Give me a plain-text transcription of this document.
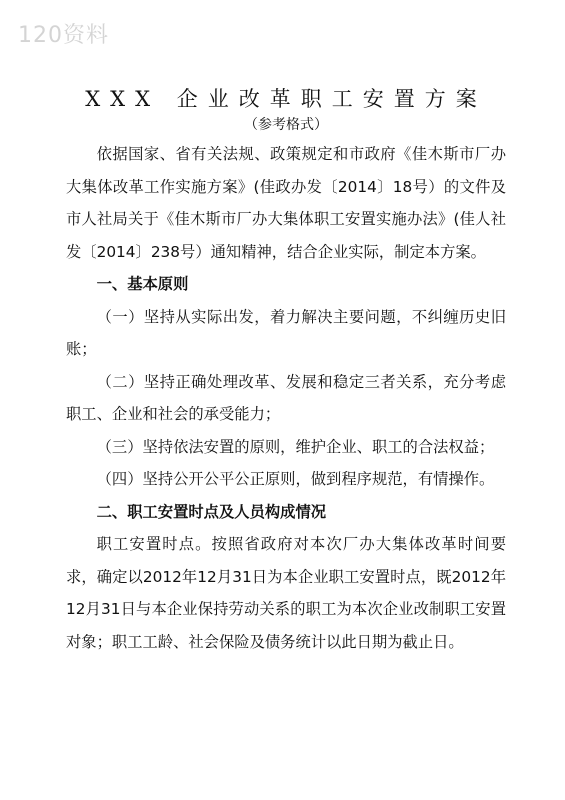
120资料
XXX 企业改革职工安置方案
（参考格式）

依据国家、省有关法规、政策规定和市政府《佳木斯市厂办大集体改革工作实施方案》(佳政办发〔2014〕18号）的文件及市人社局关于《佳木斯市厂办大集体职工安置实施办法》(佳人社发〔2014〕238号）通知精神，结合企业实际，制定本方案。

一、基本原则

（一）坚持从实际出发，着力解决主要问题，不纠缠历史旧账；

（二）坚持正确处理改革、发展和稳定三者关系，充分考虑职工、企业和社会的承受能力；

（三）坚持依法安置的原则，维护企业、职工的合法权益；

（四）坚持公开公平公正原则，做到程序规范，有情操作。

二、职工安置时点及人员构成情况

职工安置时点。按照省政府对本次厂办大集体改革时间要求，确定以2012年12月31日为本企业职工安置时点，既2012年12月31日与本企业保持劳动关系的职工为本次企业改制职工安置对象；职工工龄、社会保险及债务统计以此日期为截止日。
